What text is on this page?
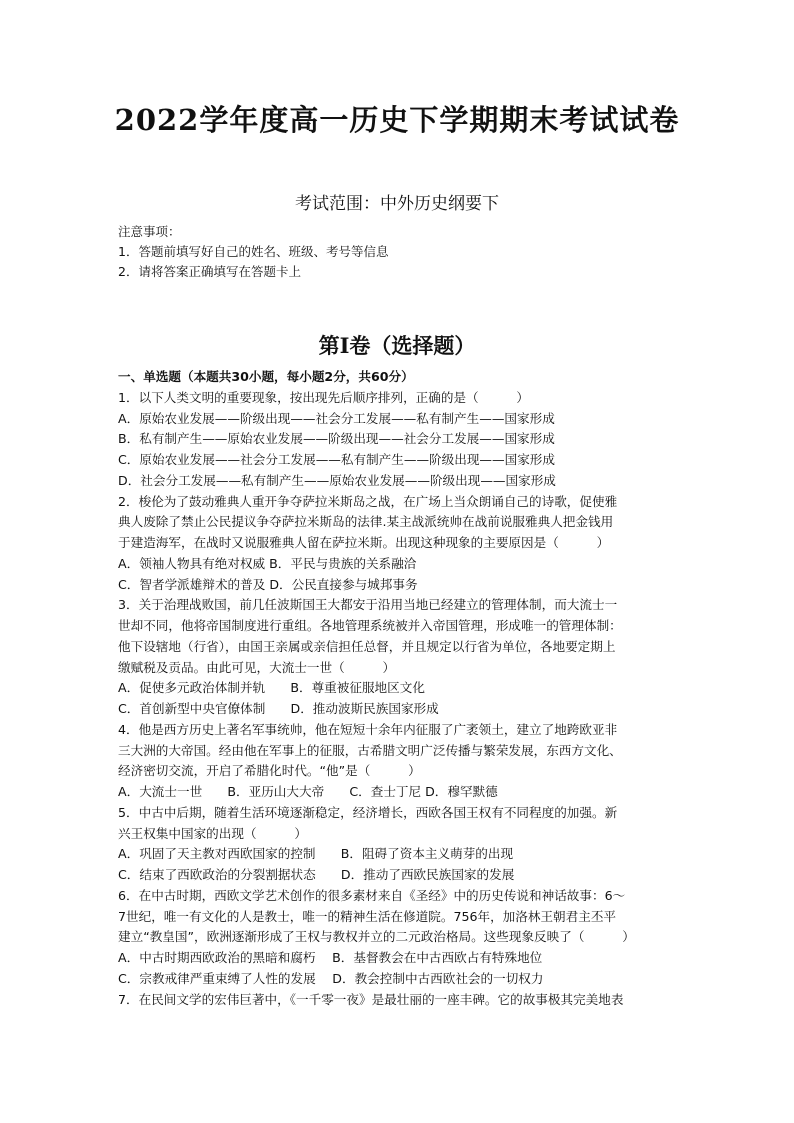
2022学年度高一历史下学期期末考试试卷
考试范围：中外历史纲要下
注意事项：
1．答题前填写好自己的姓名、班级、考号等信息
2．请将答案正确填写在答题卡上
第I卷（选择题）
一、单选题（本题共30小题，每小题2分，共60分）
1．以下人类文明的重要现象，按出现先后顺序排列，正确的是（　　　）
A．原始农业发展——阶级出现——社会分工发展——私有制产生——国家形成
B．私有制产生——原始农业发展——阶级出现——社会分工发展——国家形成
C．原始农业发展——社会分工发展——私有制产生——阶级出现——国家形成
D．社会分工发展——私有制产生——原始农业发展——阶级出现——国家形成
2．梭伦为了鼓动雅典人重开争夺萨拉米斯岛之战，在广场上当众朗诵自己的诗歌，促使雅
典人废除了禁止公民提议争夺萨拉米斯岛的法律.某主战派统帅在战前说服雅典人把金钱用
于建造海军，在战时又说服雅典人留在萨拉米斯。出现这种现象的主要原因是（　　　）
A．领袖人物具有绝对权威 B．平民与贵族的关系融洽
C．智者学派雄辩术的普及 D．公民直接参与城邦事务
3．关于治理战败国，前几任波斯国王大都安于沿用当地已经建立的管理体制，而大流士一
世却不同，他将帝国制度进行重组。各地管理系统被并入帝国管理，形成唯一的管理体制：
他下设辖地（行省），由国王亲属或亲信担任总督，并且规定以行省为单位，各地要定期上
缴赋税及贡品。由此可见，大流士一世（　　　）
A．促使多元政治体制并轨　　B．尊重被征服地区文化
C．首创新型中央官僚体制　　D．推动波斯民族国家形成
4．他是西方历史上著名军事统帅，他在短短十余年内征服了广袤领土，建立了地跨欧亚非
三大洲的大帝国。经由他在军事上的征服，古希腊文明广泛传播与繁荣发展，东西方文化、
经济密切交流，开启了希腊化时代。“他”是（　　　）
A．大流士一世　　B．亚历山大大帝　　C．查士丁尼 D．穆罕默德
5．中古中后期，随着生活环境逐渐稳定，经济增长，西欧各国王权有不同程度的加强。新
兴王权集中国家的出现（　　　）
A．巩固了天主教对西欧国家的控制　　B．阻碍了资本主义萌芽的出现
C．结束了西欧政治的分裂割据状态　　D．推动了西欧民族国家的发展
6．在中古时期，西欧文学艺术创作的很多素材来自《圣经》中的历史传说和神话故事：6～
7世纪，唯一有文化的人是教士，唯一的精神生活在修道院。756年，加洛林王朝君主丕平
建立“教皇国”，欧洲逐渐形成了王权与教权并立的二元政治格局。这些现象反映了（　　　）
A．中古时期西欧政治的黑暗和腐朽　 B．基督教会在中古西欧占有特殊地位
C．宗教戒律严重束缚了人性的发展　 D．教会控制中古西欧社会的一切权力
7．在民间文学的宏伟巨著中，《一千零一夜》是最壮丽的一座丰碑。它的故事极其完美地表
